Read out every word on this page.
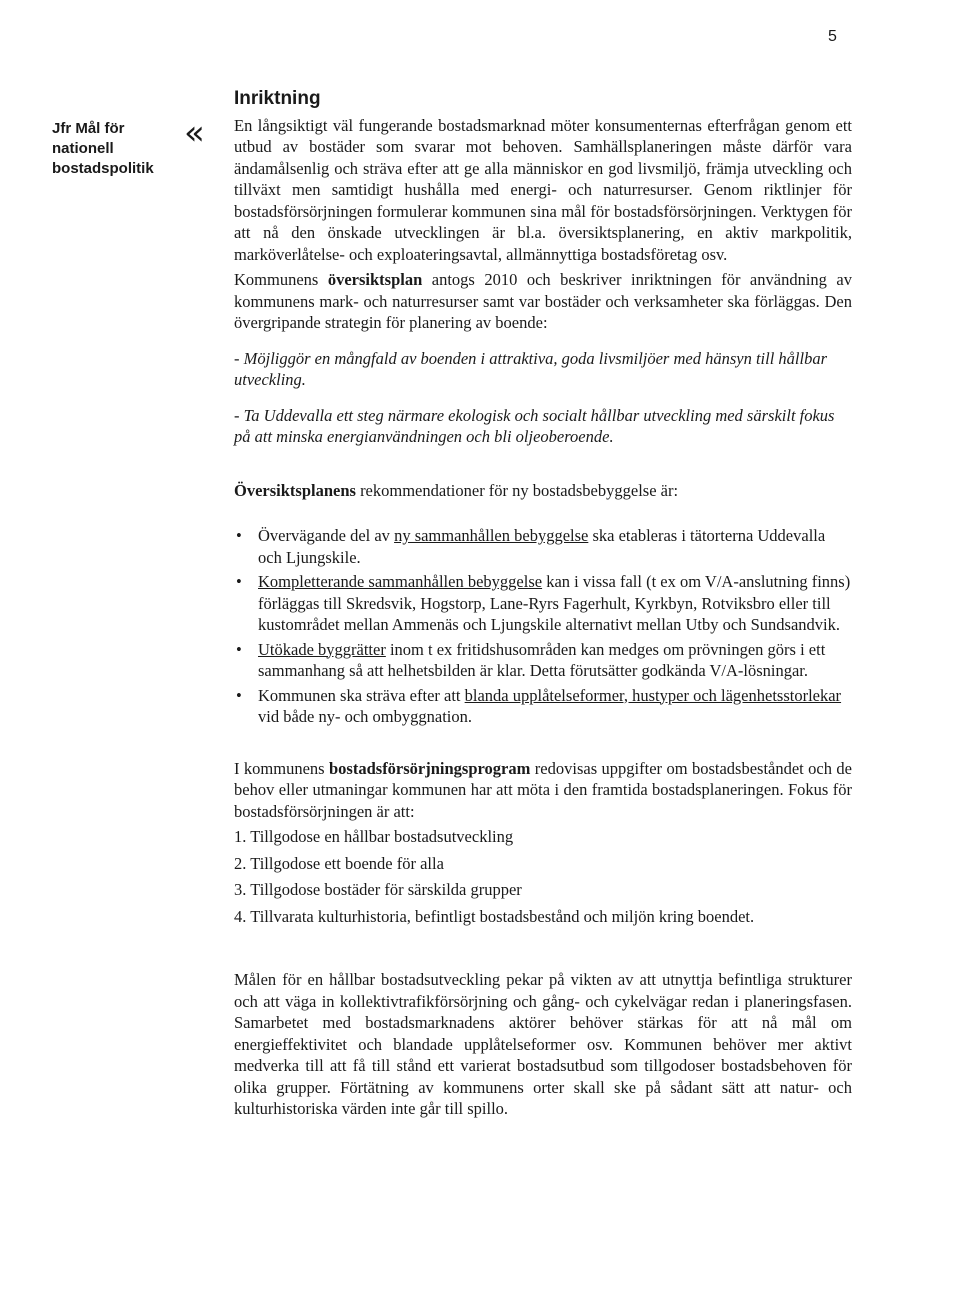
5
Jfr Mål för
nationell
bostadspolitik
«
Inriktning

En långsiktigt väl fungerande bostadsmarknad möter konsumenternas efterfrågan genom ett utbud av bostäder som svarar mot behoven. Samhällsplaneringen måste därför vara ändamålsenlig och sträva efter att ge alla människor en god livsmiljö, främja utveckling och tillväxt men samtidigt hushålla med energi- och naturresurser. Genom riktlinjer för bostadsförsörjningen formulerar kommunen sina mål för bostadsförsörjningen. Verktygen för att nå den önskade utvecklingen är bl.a. översiktsplanering, en aktiv markpolitik, marköverlåtelse- och exploateringsavtal, allmännyttiga bostadsföretag osv.

Kommunens översiktsplan antogs 2010 och beskriver inriktningen för användning av kommunens mark- och naturresurser samt var bostäder och verksamheter ska förläggas. Den övergripande strategin för planering av boende:

- Möjliggör en mångfald av boenden i attraktiva, goda livsmiljöer med hänsyn till hållbar utveckling.

- Ta Uddevalla ett steg närmare ekologisk och socialt hållbar utveckling med särskilt fokus på att minska energianvändningen och bli oljeoberoende.

Översiktsplanens rekommendationer för ny bostadsbebyggelse är:

• Övervägande del av ny sammanhållen bebyggelse ska etableras i tätorterna Uddevalla och Ljungskile.
• Kompletterande sammanhållen bebyggelse kan i vissa fall (t ex om V/A-anslutning finns) förläggas till Skredsvik, Hogstorp, Lane-Ryrs Fagerhult, Kyrkbyn, Rotviksbro eller till kustområdet mellan Ammenäs och Ljungskile alternativt mellan Utby och Sundsandvik.
• Utökade byggrätter inom t ex fritidshusområden kan medges om prövningen görs i ett sammanhang så att helhetsbilden är klar. Detta förutsätter godkända V/A-lösningar.
• Kommunen ska sträva efter att blanda upplåtelseformer, hustyper och lägenhetsstorlekar vid både ny- och ombyggnation.

I kommunens bostadsförsörjningsprogram redovisas uppgifter om bostadsbeståndet och de behov eller utmaningar kommunen har att möta i den framtida bostadsplaneringen. Fokus för bostadsförsörjningen är att:

1. Tillgodose en hållbar bostadsutveckling
2. Tillgodose ett boende för alla
3. Tillgodose bostäder för särskilda grupper
4. Tillvarata kulturhistoria, befintligt bostadsbestånd och miljön kring boendet.

Målen för en hållbar bostadsutveckling pekar på vikten av att utnyttja befintliga strukturer och att väga in kollektivtrafikförsörjning och gång- och cykelvägar redan i planeringsfasen. Samarbetet med bostadsmarknadens aktörer behöver stärkas för att nå mål om energieffektivitet och blandade upplåtelseformer osv. Kommunen behöver mer aktivt medverka till att få till stånd ett varierat bostadsutbud som tillgodoser bostadsbehoven för olika grupper. Förtätning av kommunens orter skall ske på sådant sätt att natur- och kulturhistoriska värden inte går till spillo.
